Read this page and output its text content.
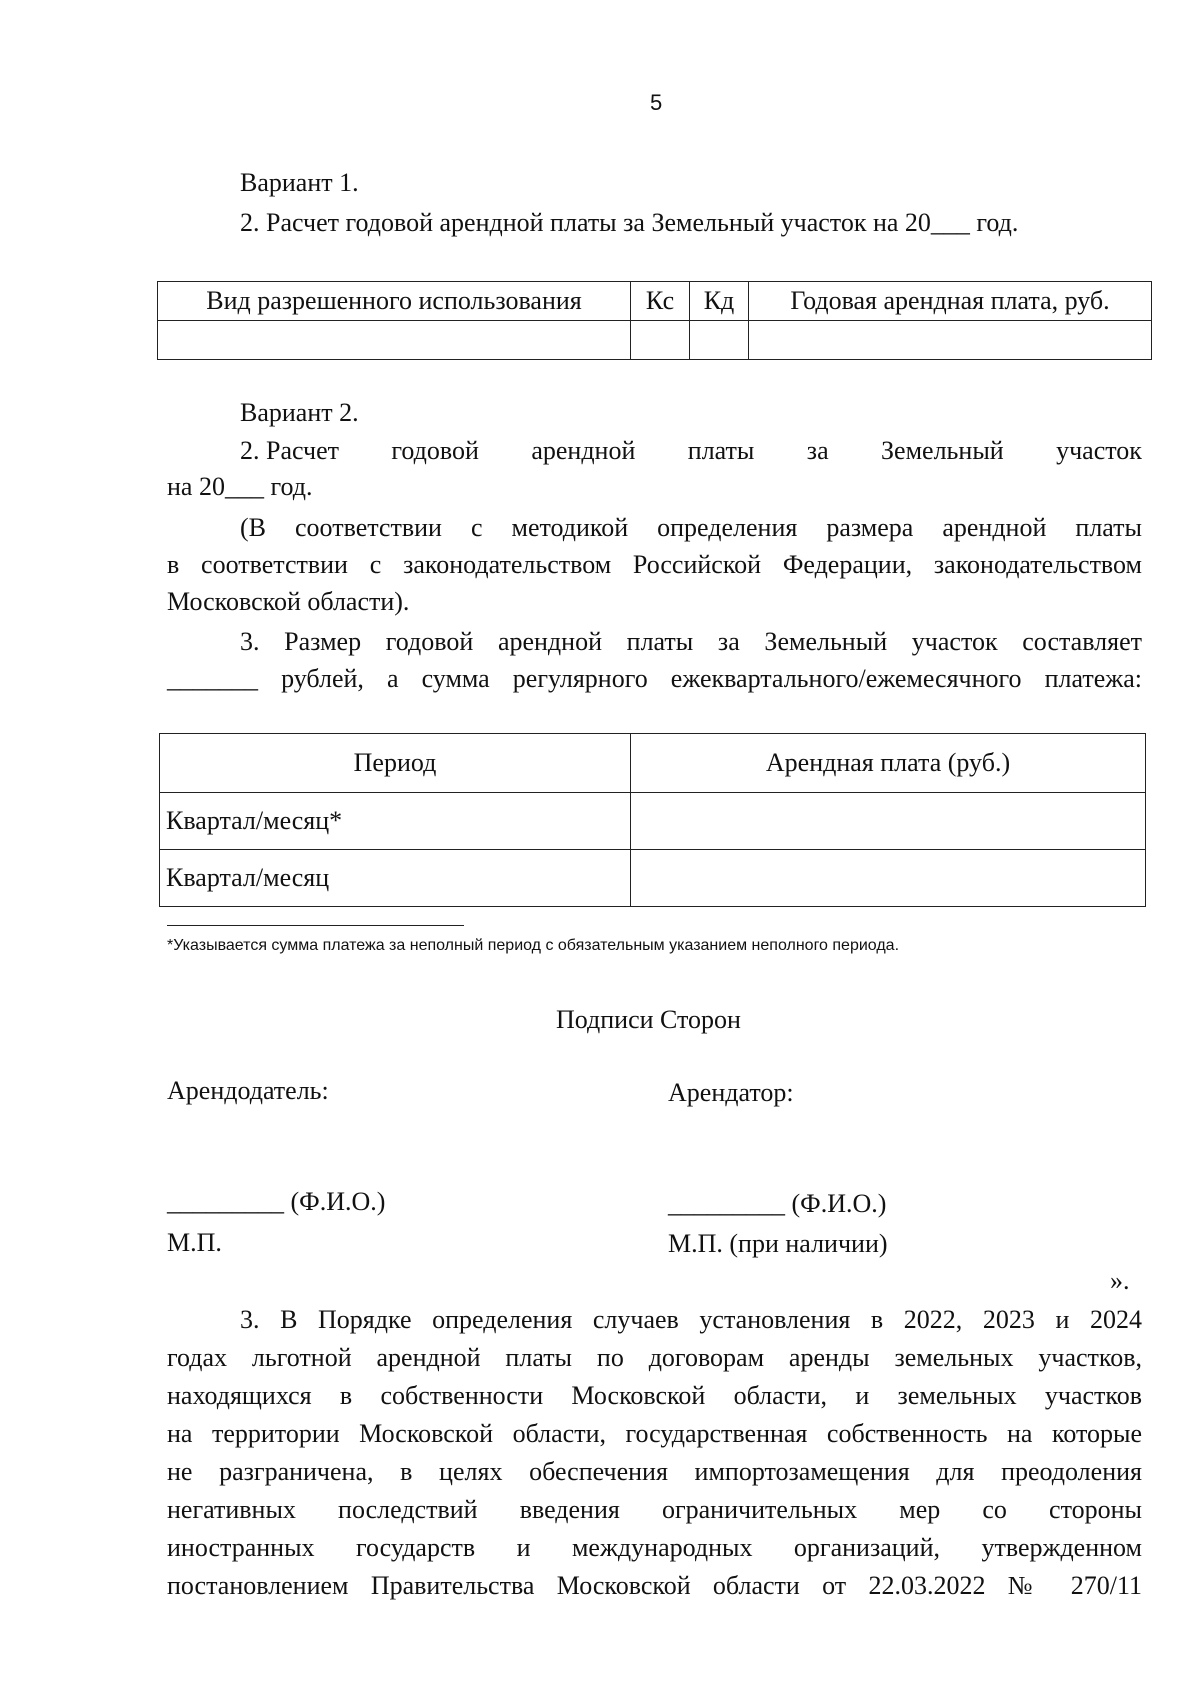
5
Вариант 1.
2. Расчет годовой арендной платы за Земельный участок на 20___ год.
Вид разрешенного использования	Кс	Кд	Годовая арендная плата, руб.

Вариант 2.
2. Расчет годовой арендной платы за Земельный участок
на 20___ год.
(В соответствии с методикой определения размера арендной платы
в соответствии с законодательством Российской Федерации, законодательством
Московской области).
3. Размер годовой арендной платы за Земельный участок составляет
_______ рублей, а сумма регулярного ежеквартального/ежемесячного платежа:
Период	Арендная плата (руб.)
Квартал/месяц*	
Квартал/месяц	
*Указывается сумма платежа за неполный период с обязательным указанием неполного периода.
Подписи Сторон
Арендодатель:	Арендатор:
_________ (Ф.И.О.)	_________ (Ф.И.О.)
М.П.	М.П. (при наличии)
».
3. В Порядке определения случаев установления в 2022, 2023 и 2024
годах льготной арендной платы по договорам аренды земельных участков,
находящихся в собственности Московской области, и земельных участков
на территории Московской области, государственная собственность на которые
не разграничена, в целях обеспечения импортозамещения для преодоления
негативных последствий введения ограничительных мер со стороны
иностранных государств и международных организаций, утвержденном
постановлением Правительства Московской области от 22.03.2022 № 270/11
